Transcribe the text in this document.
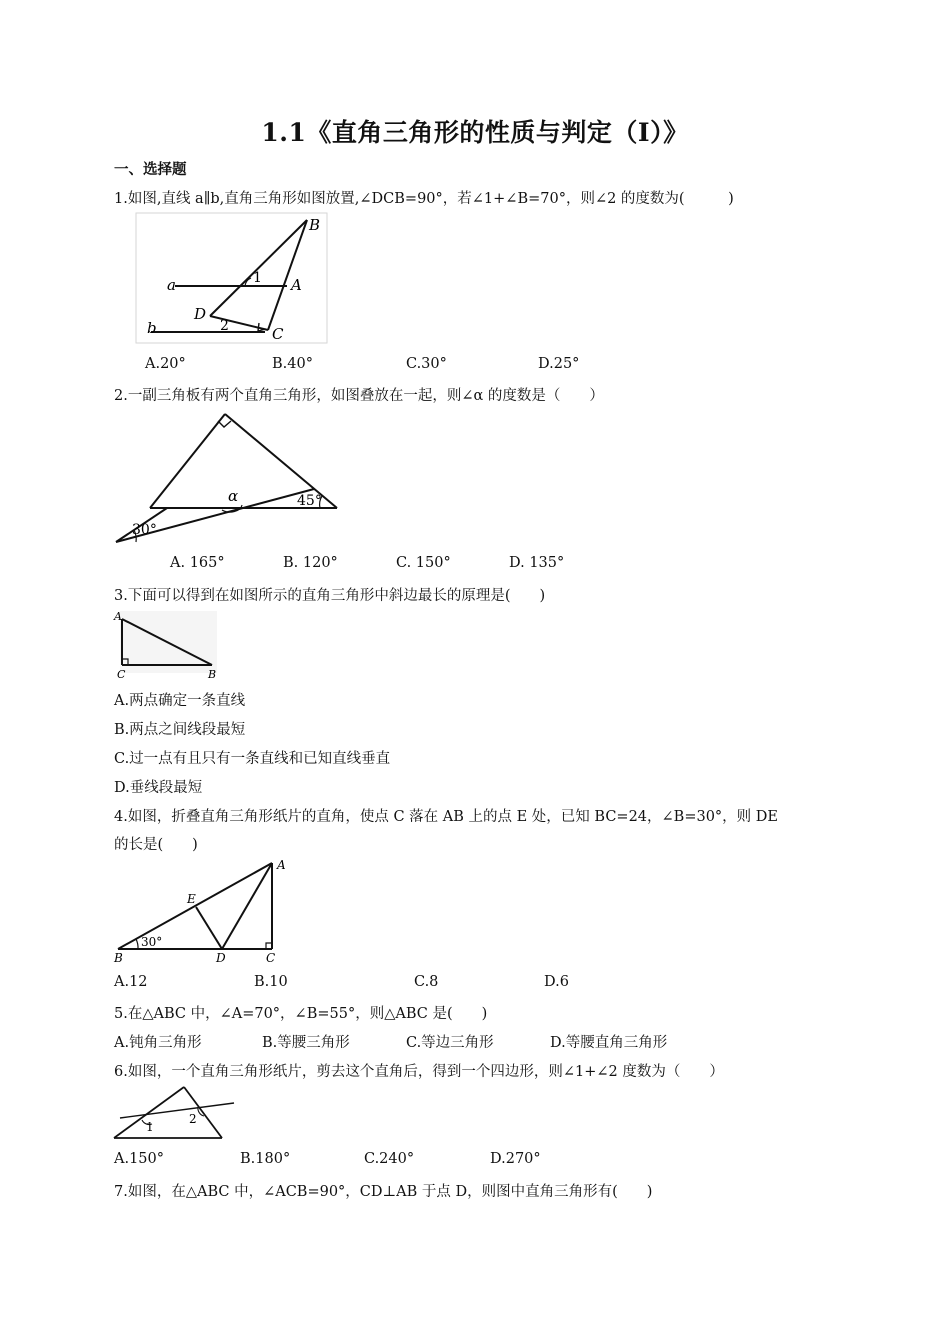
1.1《直角三角形的性质与判定（I）》
一、选择题
1.如图,直线 a∥b,直角三角形如图放置,∠DCB=90°，若∠1+∠B=70°，则∠2 的度数为(　　　)
B
a	1 A
D
b	2	C
A.20°	B.40°	C.30°	D.25°
2.一副三角板有两个直角三角形，如图叠放在一起，则∠α 的度数是（　　）
α	45°
30°
A. 165°	B. 120°	C. 150°	D. 135°
3.下面可以得到在如图所示的直角三角形中斜边最长的原理是(　　)
A
C	B
A.两点确定一条直线
B.两点之间线段最短
C.过一点有且只有一条直线和已知直线垂直
D.垂线段最短
4.如图，折叠直角三角形纸片的直角，使点 C 落在 AB 上的点 E 处，已知 BC=24，∠B=30°，则 DE
的长是(　　)
A
E
30°
B	D	C
A.12	B.10	C.8	D.6
5.在△ABC 中，∠A=70°，∠B=55°，则△ABC 是(　　)
A.钝角三角形	B.等腰三角形	C.等边三角形	D.等腰直角三角形
6.如图，一个直角三角形纸片，剪去这个直角后，得到一个四边形，则∠1+∠2 度数为（　　）
1
2
A.150°	B.180°	C.240°	D.270°
7.如图，在△ABC 中，∠ACB=90°，CD⊥AB 于点 D，则图中直角三角形有(　　)
